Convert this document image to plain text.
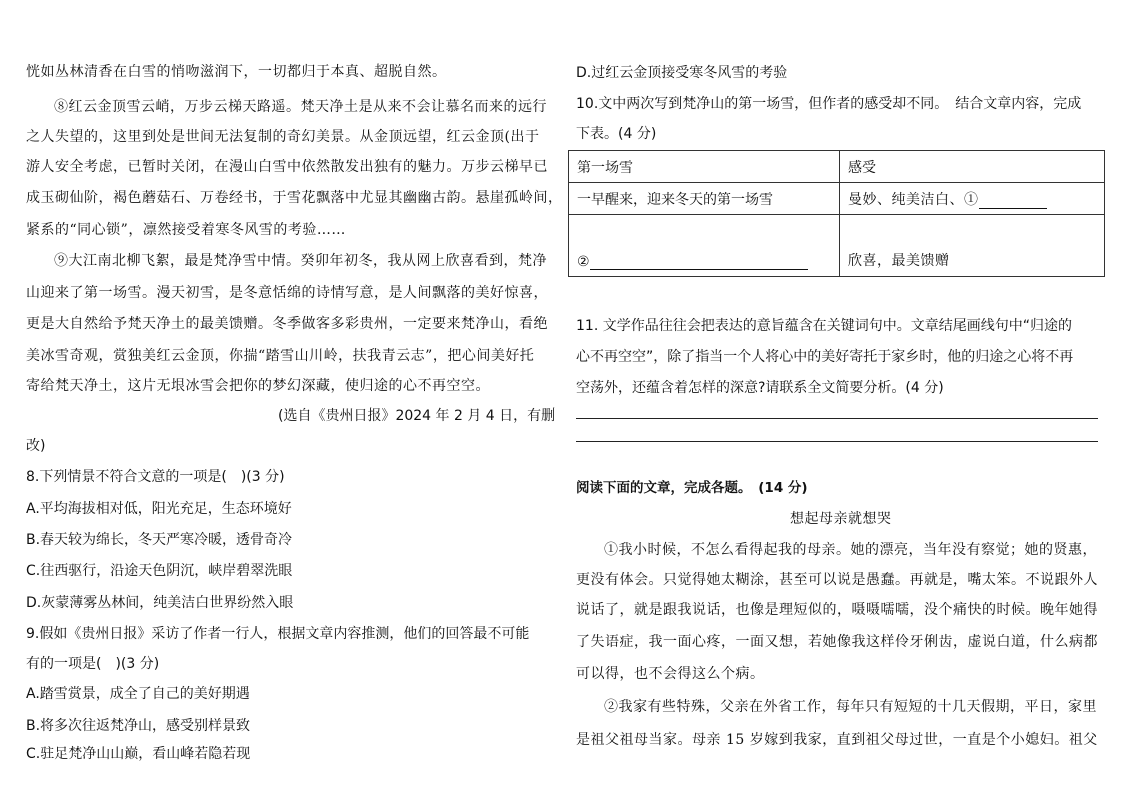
恍如丛林清香在白雪的悄吻滋润下，一切都归于本真、超脱自然。
⑧红云金顶雪云峭，万步云梯天路遥。梵天净土是从来不会让慕名而来的远行
之人失望的，这里到处是世间无法复制的奇幻美景。从金顶远望，红云金顶(出于
游人安全考虑，已暂时关闭，在漫山白雪中依然散发出独有的魅力。万步云梯早已
成玉砌仙阶，褐色蘑菇石、万卷经书，于雪花飘落中尤显其幽幽古韵。悬崖孤岭间，
紧系的“同心锁”，凛然接受着寒冬风雪的考验……
⑨大江南北柳飞絮，最是梵净雪中情。癸卯年初冬，我从网上欣喜看到，梵净
山迎来了第一场雪。漫天初雪，是冬意恬绵的诗情写意，是人间飘落的美好惊喜，
更是大自然给予梵天净土的最美馈赠。冬季做客多彩贵州，一定要来梵净山，看绝
美冰雪奇观，赏独美红云金顶，你揣“踏雪山川岭，扶我青云志”，把心间美好托
寄给梵天净土，这片无垠冰雪会把你的梦幻深藏，使归途的心不再空空。
(选自《贵州日报》2024 年 2 月 4 日，有删
改)
8.下列情景不符合文意的一项是(　)(3 分)
A.平均海拔相对低，阳光充足，生态环境好
B.春天较为绵长，冬天严寒冷暖，透骨奇冷
C.往西驱行，沿途天色阴沉，峡岸碧翠洗眼
D.灰蒙薄雾丛林间，纯美洁白世界纷然入眼
9.假如《贵州日报》采访了作者一行人，根据文章内容推测，他们的回答最不可能
有的一项是(　)(3 分)
A.踏雪赏景，成全了自己的美好期遇
B.将多次往返梵净山，感受别样景致
C.驻足梵净山山巅，看山峰若隐若现
D.过红云金顶接受寒冬风雪的考验
10.文中两次写到梵净山的第一场雪，但作者的感受却不同。　结合文章内容，完成
下表。(4 分)
第一场雪	感受
一早醒来，迎来冬天的第一场雪	曼妙、纯美洁白、①
②	欣喜，最美馈赠
11. 文学作品往往会把表达的意旨蕴含在关键词句中。文章结尾画线句中“归途的
心不再空空”，除了指当一个人将心中的美好寄托于家乡时，他的归途之心将不再
空荡外，还蕴含着怎样的深意?请联系全文简要分析。(4 分)
阅读下面的文章，完成各题。　(14 分)
想起母亲就想哭
①我小时候，不怎么看得起我的母亲。她的漂亮，当年没有察觉；她的贤惠，
更没有体会。只觉得她太糊涂，甚至可以说是愚蠢。再就是，嘴太笨。不说跟外人
说话了，就是跟我说话，也像是理短似的，嗫嗫嚅嚅，没个痛快的时候。晚年她得
了失语症，我一面心疼，一面又想，若她像我这样伶牙俐齿，虚说白道，什么病都
可以得，也不会得这么个病。
②我家有些特殊，父亲在外省工作，每年只有短短的十几天假期，平日，家里
是祖父祖母当家。母亲 15 岁嫁到我家，直到祖父母过世，一直是个小媳妇。祖父
